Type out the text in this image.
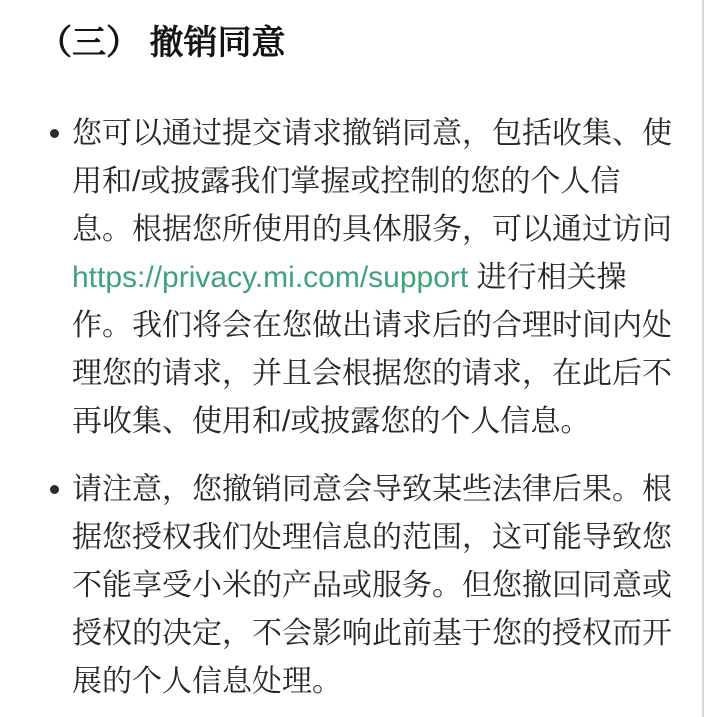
（三） 撤销同意
您可以通过提交请求撤销同意，包括收集、使用和/或披露我们掌握或控制的您的个人信息。根据您所使用的具体服务，可以通过访问 https://privacy.mi.com/support 进行相关操作。我们将会在您做出请求后的合理时间内处理您的请求，并且会根据您的请求，在此后不再收集、使用和/或披露您的个人信息。
请注意，您撤销同意会导致某些法律后果。根据您授权我们处理信息的范围，这可能导致您不能享受小米的产品或服务。但您撤回同意或授权的决定，不会影响此前基于您的授权而开展的个人信息处理。
